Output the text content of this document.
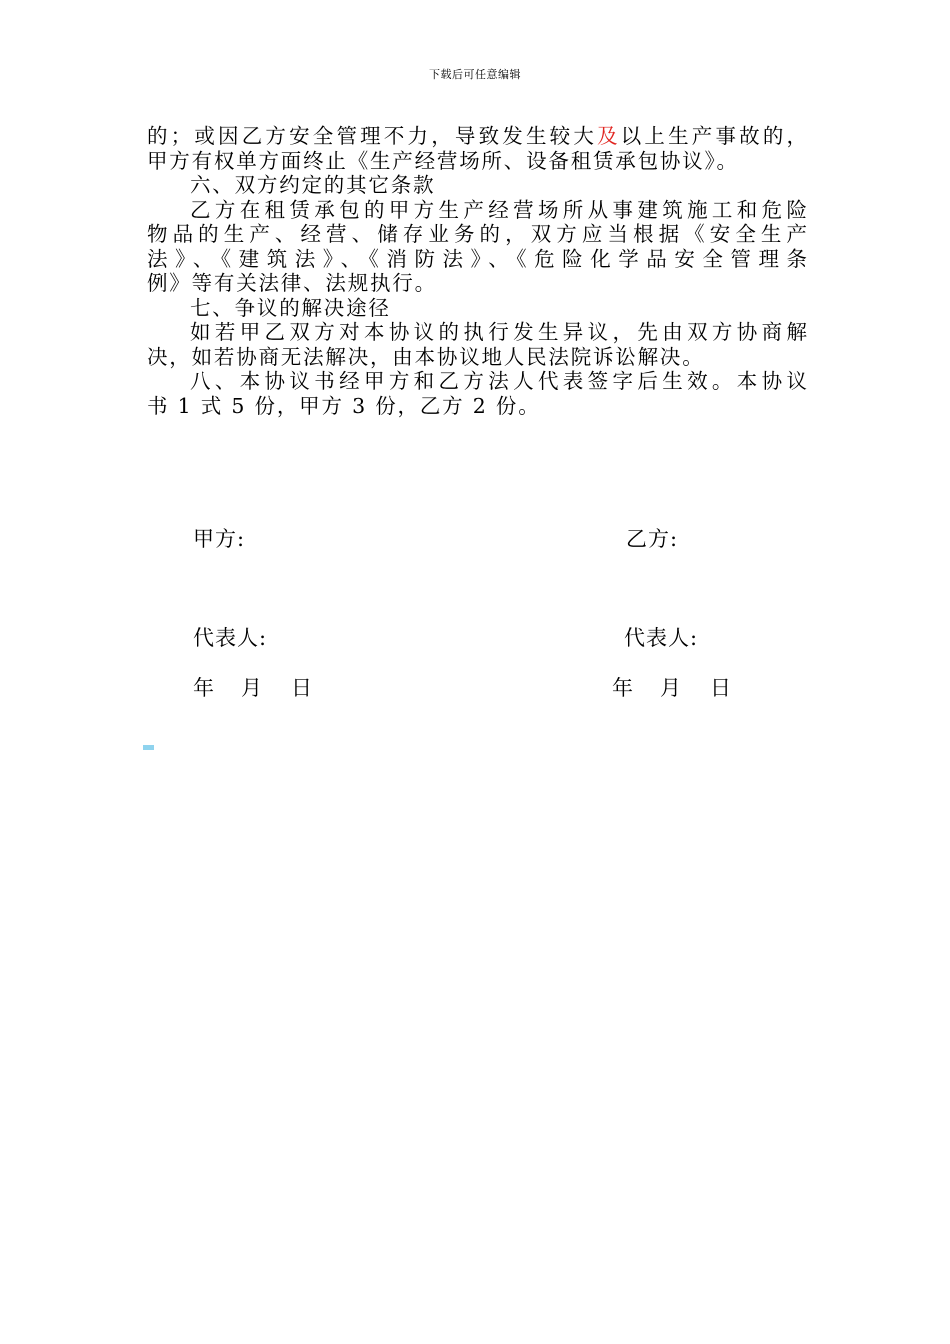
下载后可任意编辑
的；或因乙方安全管理不力，导致发生较大及以上生产事故的，
甲方有权单方面终止《生产经营场所、设备租赁承包协议》。
六、双方约定的其它条款
乙方在租赁承包的甲方生产经营场所从事建筑施工和危险
物品的生产、经营、储存业务的，双方应当根据《安全生产
法》、《建筑法》、《消防法》、《危险化学品安全管理条
例》等有关法律、法规执行。
七、争议的解决途径
如若甲乙双方对本协议的执行发生异议，先由双方协商解
决，如若协商无法解决，由本协议地人民法院诉讼解决。
八、本协议书经甲方和乙方法人代表签字后生效。本协议
书 1 式 5 份，甲方 3 份，乙方 2 份。
甲方:	乙方:
代表人:	代表人:
年 月 日	年 月 日
